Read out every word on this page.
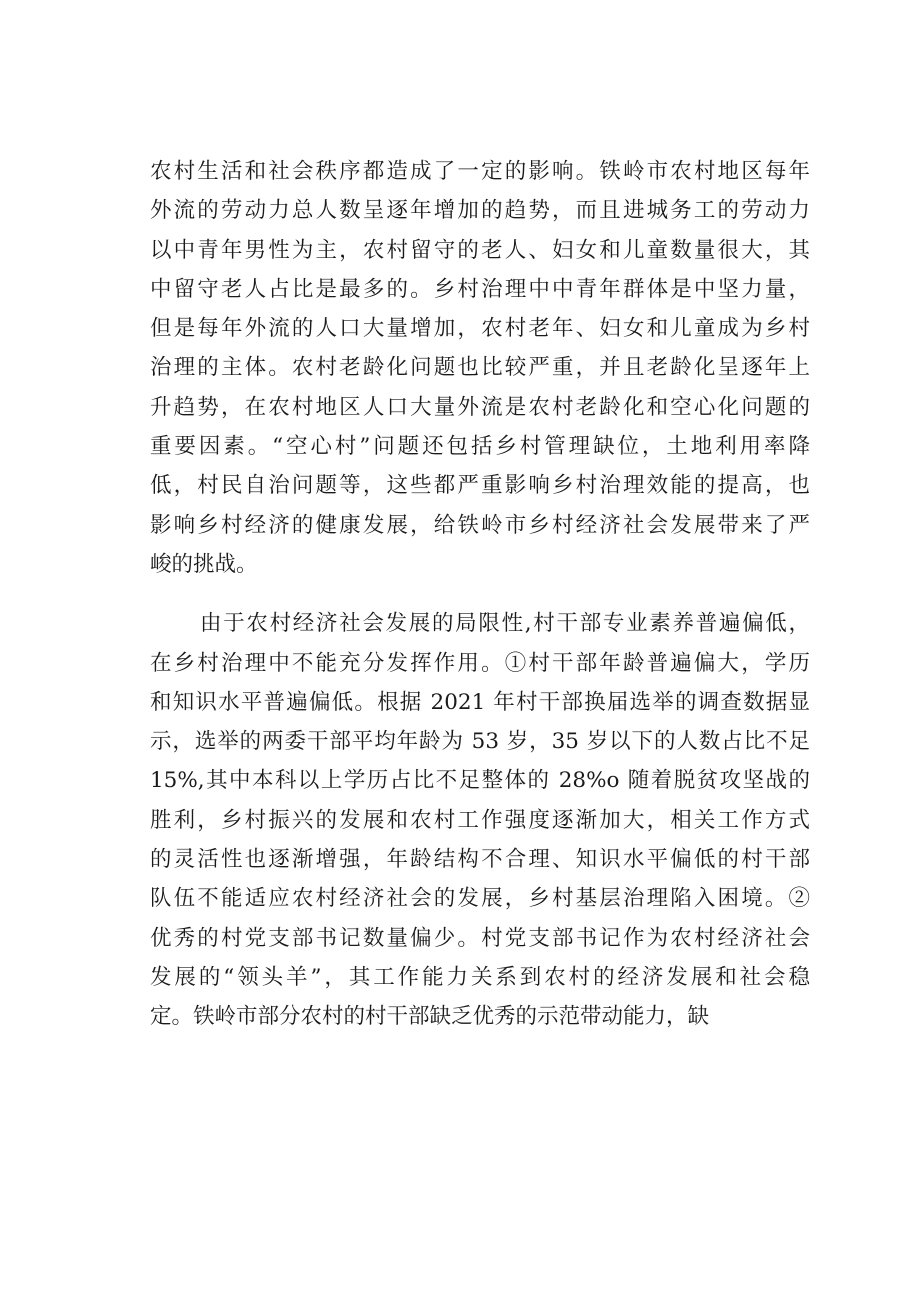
农村生活和社会秩序都造成了一定的影响。铁岭市农村地区每年
外流的劳动力总人数呈逐年增加的趋势，而且进城务工的劳动力
以中青年男性为主，农村留守的老人、妇女和儿童数量很大，其
中留守老人占比是最多的。乡村治理中中青年群体是中坚力量，
但是每年外流的人口大量增加，农村老年、妇女和儿童成为乡村
治理的主体。农村老龄化问题也比较严重，并且老龄化呈逐年上
升趋势，在农村地区人口大量外流是农村老龄化和空心化问题的
重要因素。“空心村”问题还包括乡村管理缺位，土地利用率降
低，村民自治问题等，这些都严重影响乡村治理效能的提高，也
影响乡村经济的健康发展，给铁岭市乡村经济社会发展带来了严
峻的挑战。
由于农村经济社会发展的局限性,村干部专业素养普遍偏低，
在乡村治理中不能充分发挥作用。①村干部年龄普遍偏大，学历
和知识水平普遍偏低。根据 2021 年村干部换届选举的调查数据显
示，选举的两委干部平均年龄为 53 岁，35 岁以下的人数占比不足
15%,其中本科以上学历占比不足整体的 28%o 随着脱贫攻坚战的
胜利，乡村振兴的发展和农村工作强度逐渐加大，相关工作方式
的灵活性也逐渐增强，年龄结构不合理、知识水平偏低的村干部
队伍不能适应农村经济社会的发展，乡村基层治理陷入困境。②
优秀的村党支部书记数量偏少。村党支部书记作为农村经济社会
发展的“领头羊”，其工作能力关系到农村的经济发展和社会稳
定。铁岭市部分农村的村干部缺乏优秀的示范带动能力，缺
